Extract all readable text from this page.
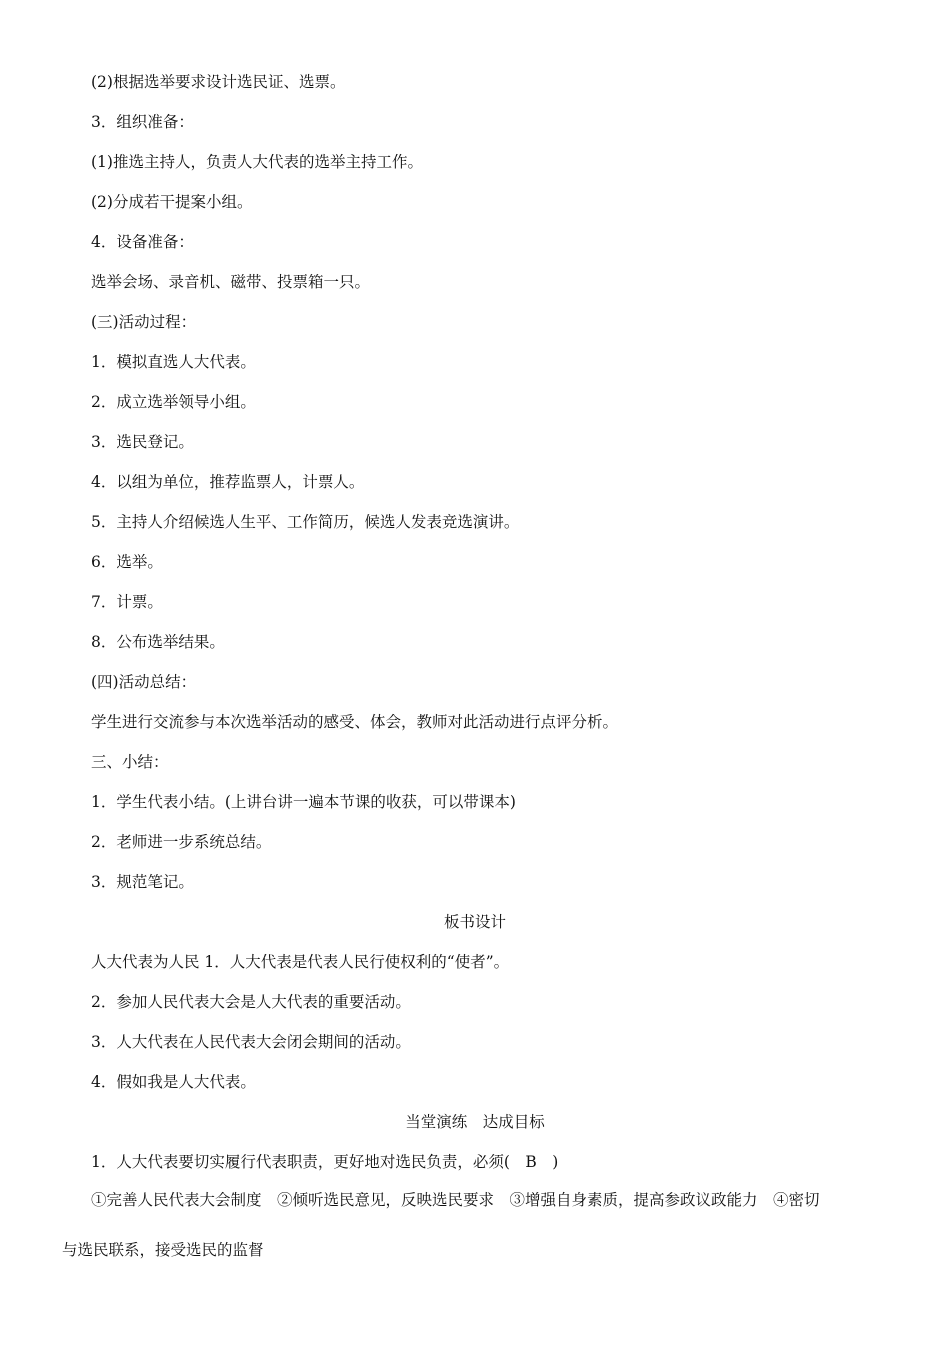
(2)根据选举要求设计选民证、选票。
3．组织准备：
(1)推选主持人，负责人大代表的选举主持工作。
(2)分成若干提案小组。
4．设备准备：
选举会场、录音机、磁带、投票箱一只。
(三)活动过程：
1．模拟直选人大代表。
2．成立选举领导小组。
3．选民登记。
4．以组为单位，推荐监票人，计票人。
5．主持人介绍候选人生平、工作简历，候选人发表竞选演讲。
6．选举。
7．计票。
8．公布选举结果。
(四)活动总结：
学生进行交流参与本次选举活动的感受、体会，教师对此活动进行点评分析。
三、小结：
1．学生代表小结。(上讲台讲一遍本节课的收获，可以带课本)
2．老师进一步系统总结。
3．规范笔记。
板书设计
人大代表为人民 1．人大代表是代表人民行使权利的“使者”。
2．参加人民代表大会是人大代表的重要活动。
3．人大代表在人民代表大会闭会期间的活动。
4．假如我是人大代表。
当堂演练　达成目标
1．人大代表要切实履行代表职责，更好地对选民负责，必须(　B　)
①完善人民代表大会制度　②倾听选民意见，反映选民要求　③增强自身素质，提高参政议政能力　④密切
与选民联系，接受选民的监督
